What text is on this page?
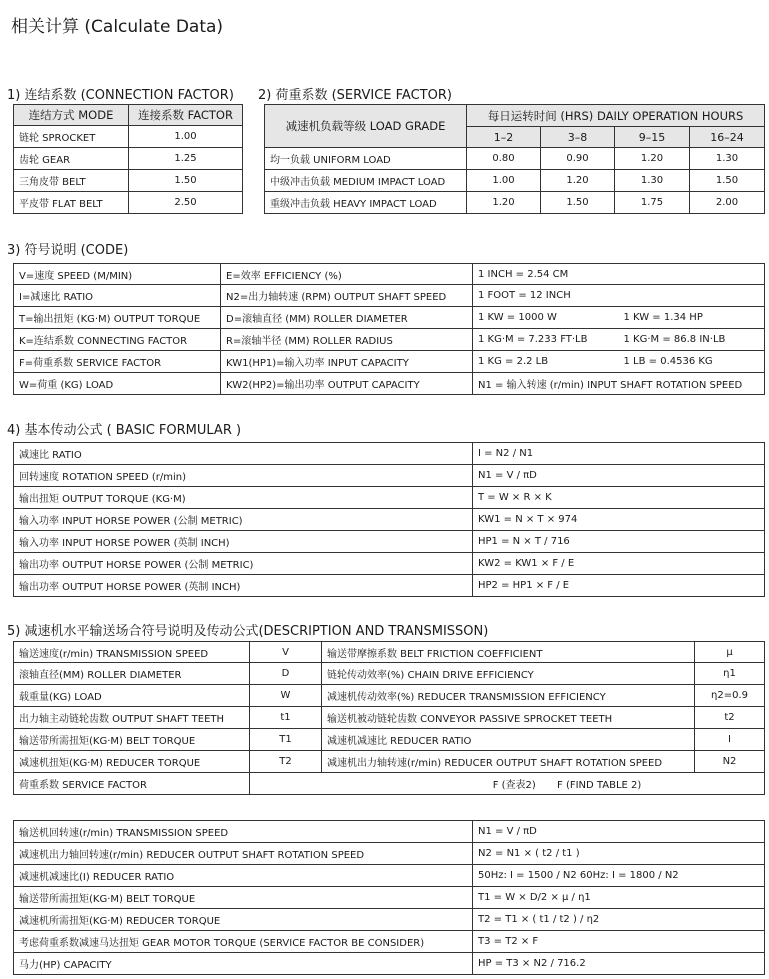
相关计算 (Calculate Data)
1) 连结系数 (CONNECTION FACTOR)
连结方式 MODE	连接系数 FACTOR
链轮 SPROCKET	1.00
齿轮 GEAR	1.25
三角皮带 BELT	1.50
平皮带 FLAT BELT	2.50
2) 荷重系数 (SERVICE FACTOR)
减速机负载等级 LOAD GRADE	每日运转时间 (HRS) DAILY OPERATION HOURS			
	1–2	3–8	9–15	16–24
均一负载 UNIFORM LOAD	0.80	0.90	1.20	1.30
中级冲击负载 MEDIUM IMPACT LOAD	1.00	1.20	1.30	1.50
重级冲击负载 HEAVY IMPACT LOAD	1.20	1.50	1.75	2.00
3) 符号说明 (CODE)
V=速度 SPEED (M/MIN)	E=效率 EFFICIENCY (%)	1 INCH = 2.54 CM	
I=减速比 RATIO	N2=出力轴转速 (RPM) OUTPUT SHAFT SPEED	1 FOOT = 12 INCH	
T=输出扭矩 (KG·M) OUTPUT TORQUE	D=滚轴直径 (MM) ROLLER DIAMETER	1 KW = 1000 W	1 KW = 1.34 HP
K=连结系数 CONNECTING FACTOR	R=滚轴半径 (MM) ROLLER RADIUS	1 KG·M = 7.233 FT·LB	1 KG·M = 86.8 IN·LB
F=荷重系数 SERVICE FACTOR	KW1(HP1)=输入功率 INPUT CAPACITY	1 KG = 2.2 LB	1 LB = 0.4536 KG
W=荷重 (KG) LOAD	KW2(HP2)=输出功率 OUTPUT CAPACITY	N1 = 输入转速 (r/min) INPUT SHAFT ROTATION SPEED	
4) 基本传动公式 ( BASIC FORMULAR )
减速比 RATIO	I = N2 / N1
回转速度 ROTATION SPEED (r/min)	N1 = V / πD
输出扭矩 OUTPUT TORQUE (KG·M)	T = W × R × K
输入功率 INPUT HORSE POWER (公制 METRIC)	KW1 = N × T × 974
输入功率 INPUT HORSE POWER (英制 INCH)	HP1 = N × T / 716
输出功率 OUTPUT HORSE POWER (公制 METRIC)	KW2 = KW1 × F / E
输出功率 OUTPUT HORSE POWER (英制 INCH)	HP2 = HP1 × F / E
5) 减速机水平输送场合符号说明及传动公式(DESCRIPTION AND TRANSMISSON)
输送速度(r/min) TRANSMISSION SPEED	V	输送带摩擦系数 BELT FRICTION COEFFICIENT	μ
滚轴直径(MM) ROLLER DIAMETER	D	链轮传动效率(%) CHAIN DRIVE EFFICIENCY	η1
载重量(KG) LOAD	W	减速机传动效率(%) REDUCER TRANSMISSION EFFICIENCY	η2=0.9
出力轴主动链轮齿数 OUTPUT SHAFT TEETH	t1	输送机被动链轮齿数 CONVEYOR PASSIVE SPROCKET TEETH	t2
输送带所需扭矩(KG·M) BELT TORQUE	T1	减速机减速比 REDUCER RATIO	I
减速机扭矩(KG·M) REDUCER TORQUE	T2	减速机出力轴转速(r/min) REDUCER OUTPUT SHAFT ROTATION SPEED	N2
荷重系数 SERVICE FACTOR	F (查表2) F (FIND TABLE 2)		
输送机回转速(r/min) TRANSMISSION SPEED	N1 = V / πD
减速机出力轴回转速(r/min) REDUCER OUTPUT SHAFT ROTATION SPEED	N2 = N1 × ( t2 / t1 )
减速机减速比(I) REDUCER RATIO	50Hz: I = 1500 / N2 60Hz: I = 1800 / N2
输送带所需扭矩(KG·M) BELT TORQUE	T1 = W × D/2 × μ / η1
减速机所需扭矩(KG·M) REDUCER TORQUE	T2 = T1 × ( t1 / t2 ) / η2
考虑荷重系数减速马达扭矩 GEAR MOTOR TORQUE (SERVICE FACTOR BE CONSIDER)	T3 = T2 × F
马力(HP) CAPACITY	HP = T3 × N2 / 716.2
